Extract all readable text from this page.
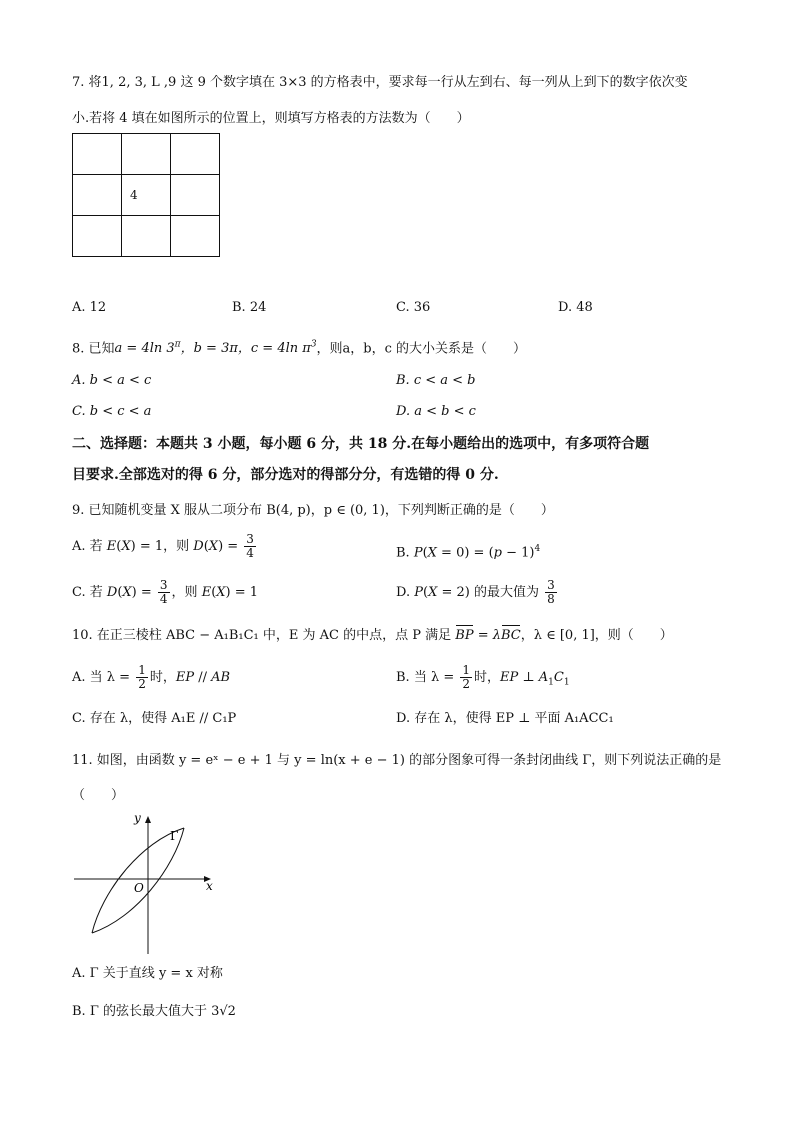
7. 将1, 2, 3, L ,9 这 9 个数字填在 3×3 的方格表中，要求每一行从左到右、每一列从上到下的数字依次变
小.若将 4 填在如图所示的位置上，则填写方格表的方法数为（　　）

	4	

A. 12	B. 24	C. 36	D. 48
8. 已知a = 4ln $3^\pi$，b = 3π，c = 4ln $\pi^3$，则a，b，c 的大小关系是（　　）
A. b < a < c	B. c < a < b
C. b < c < a	D. a < b < c
二、选择题：本题共 3 小题，每小题 6 分，共 18 分.在每小题给出的选项中，有多项符合题
目要求.全部选对的得 6 分，部分选对的得部分分，有选错的得 0 分.
9. 已知随机变量 X 服从二项分布 B(4, p)，p ∈ (0, 1)，下列判断正确的是（　　）
A. 若 E(X) = 1，则 $D(X) = \frac{3}{4}$	B. $P(X = 0) = (p - 1)^4$
C. 若 $D(X) = \frac{3}{4}$ ，则 E(X) = 1	D. P(X = 2) 的最大值为 $\frac{3}{8}$
10. 在正三棱柱 ABC − A₁B₁C₁ 中，E 为 AC 的中点，点 P 满足 BP = λBC，λ ∈ [0, 1]，则（　　）
A. 当 $\lambda = \frac{1}{2}$ 时，EP // AB	B. 当 $\lambda = \frac{1}{2}$ 时，EP ⊥ $A_1C_1$
C. 存在 λ，使得 A₁E // C₁P	D. 存在 λ，使得 EP ⊥ 平面 A₁ACC₁
11. 如图，由函数 y = eˣ − e + 1 与 y = ln(x + e − 1) 的部分图象可得一条封闭曲线 Γ，则下列说法正确的是
（　　）
y
x
O
Γ
A. Γ 关于直线 y = x 对称
B. Γ 的弦长最大值大于 3√2
